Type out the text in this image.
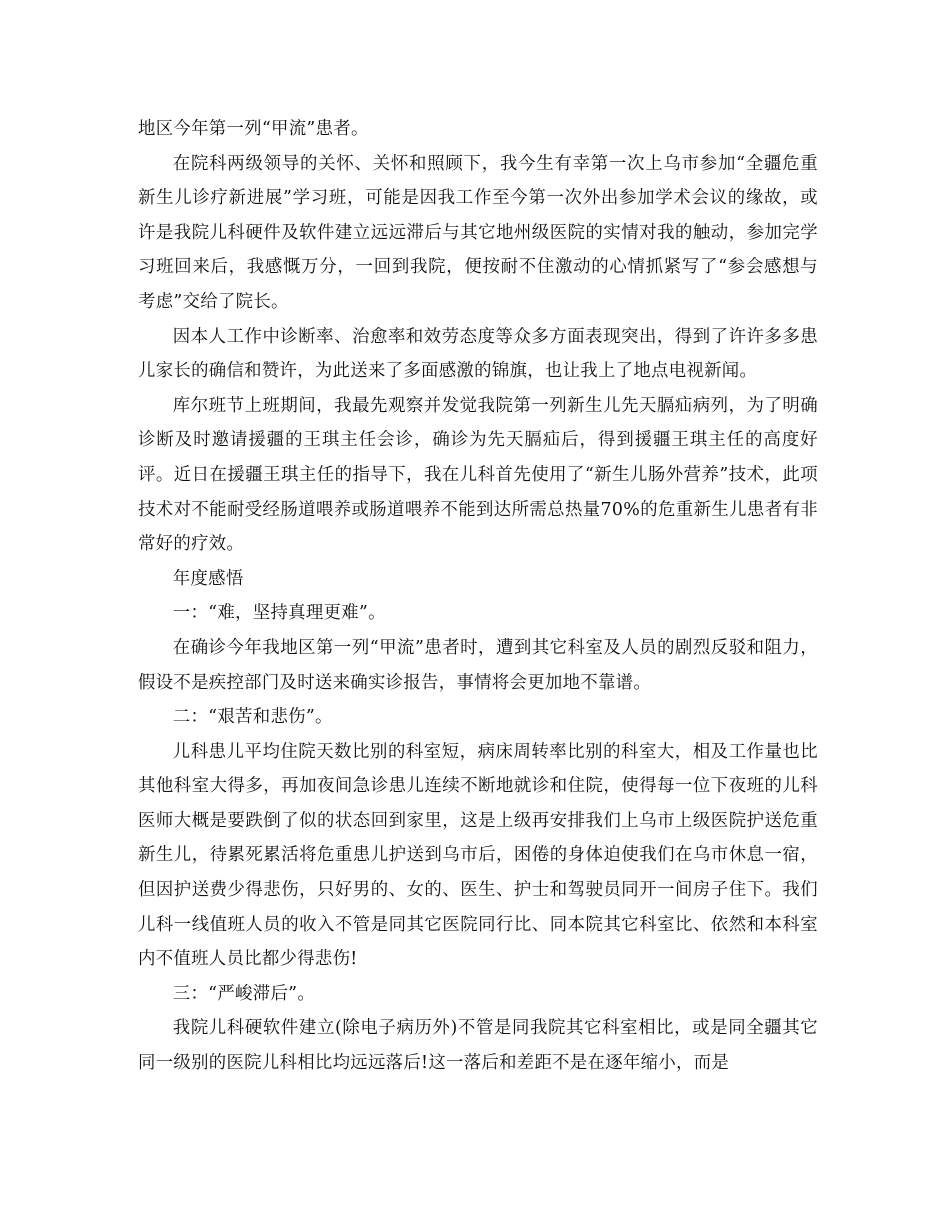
地区今年第一列“甲流”患者。

在院科两级领导的关怀、关怀和照顾下，我今生有幸第一次上乌市参加“全疆危重新生儿诊疗新进展”学习班，可能是因我工作至今第一次外出参加学术会议的缘故，或许是我院儿科硬件及软件建立远远滞后与其它地州级医院的实情对我的触动，参加完学习班回来后，我感慨万分，一回到我院，便按耐不住激动的心情抓紧写了“参会感想与考虑”交给了院长。

因本人工作中诊断率、治愈率和效劳态度等众多方面表现突出，得到了许许多多患儿家长的确信和赞许，为此送来了多面感激的锦旗，也让我上了地点电视新闻。

库尔班节上班期间，我最先观察并发觉我院第一列新生儿先天膈疝病列，为了明确诊断及时邀请援疆的王琪主任会诊，确诊为先天膈疝后，得到援疆王琪主任的高度好评。近日在援疆王琪主任的指导下，我在儿科首先使用了“新生儿肠外营养”技术，此项技术对不能耐受经肠道喂养或肠道喂养不能到达所需总热量70%的危重新生儿患者有非常好的疗效。

年度感悟

一：“难，坚持真理更难”。

在确诊今年我地区第一列“甲流”患者时，遭到其它科室及人员的剧烈反驳和阻力，假设不是疾控部门及时送来确实诊报告，事情将会更加地不靠谱。

二：“艰苦和悲伤”。

儿科患儿平均住院天数比别的科室短，病床周转率比别的科室大，相及工作量也比其他科室大得多，再加夜间急诊患儿连续不断地就诊和住院，使得每一位下夜班的儿科医师大概是要跌倒了似的状态回到家里，这是上级再安排我们上乌市上级医院护送危重新生儿，待累死累活将危重患儿护送到乌市后，困倦的身体迫使我们在乌市休息一宿，但因护送费少得悲伤，只好男的、女的、医生、护士和驾驶员同开一间房子住下。我们儿科一线值班人员的收入不管是同其它医院同行比、同本院其它科室比、依然和本科室内不值班人员比都少得悲伤!

三：“严峻滞后”。

我院儿科硬软件建立(除电子病历外)不管是同我院其它科室相比，或是同全疆其它同一级别的医院儿科相比均远远落后!这一落后和差距不是在逐年缩小，而是
